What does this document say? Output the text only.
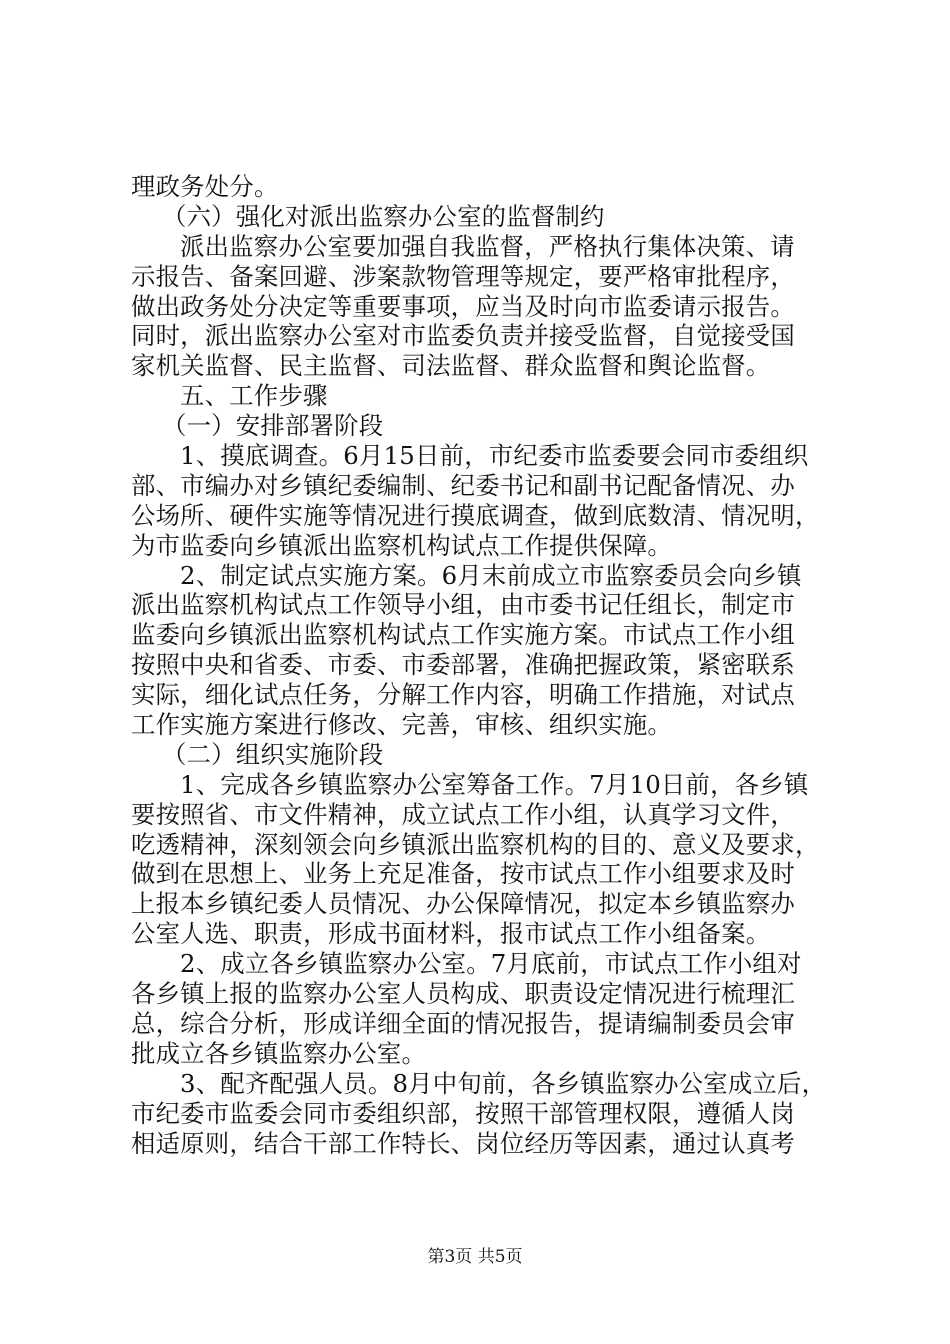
理政务处分。
（六）强化对派出监察办公室的监督制约
派出监察办公室要加强自我监督，严格执行集体决策、请
示报告、备案回避、涉案款物管理等规定，要严格审批程序，
做出政务处分决定等重要事项，应当及时向市监委请示报告。
同时，派出监察办公室对市监委负责并接受监督，自觉接受国
家机关监督、民主监督、司法监督、群众监督和舆论监督。
五、工作步骤
（一）安排部署阶段
1、摸底调查。6月15日前，市纪委市监委要会同市委组织
部、市编办对乡镇纪委编制、纪委书记和副书记配备情况、办
公场所、硬件实施等情况进行摸底调查，做到底数清、情况明，
为市监委向乡镇派出监察机构试点工作提供保障。
2、制定试点实施方案。6月末前成立市监察委员会向乡镇
派出监察机构试点工作领导小组，由市委书记任组长，制定市
监委向乡镇派出监察机构试点工作实施方案。市试点工作小组
按照中央和省委、市委、市委部署，准确把握政策，紧密联系
实际，细化试点任务，分解工作内容，明确工作措施，对试点
工作实施方案进行修改、完善，审核、组织实施。
（二）组织实施阶段
1、完成各乡镇监察办公室筹备工作。7月10日前，各乡镇
要按照省、市文件精神，成立试点工作小组，认真学习文件，
吃透精神，深刻领会向乡镇派出监察机构的目的、意义及要求，
做到在思想上、业务上充足准备，按市试点工作小组要求及时
上报本乡镇纪委人员情况、办公保障情况，拟定本乡镇监察办
公室人选、职责，形成书面材料，报市试点工作小组备案。
2、成立各乡镇监察办公室。7月底前，市试点工作小组对
各乡镇上报的监察办公室人员构成、职责设定情况进行梳理汇
总，综合分析，形成详细全面的情况报告，提请编制委员会审
批成立各乡镇监察办公室。
3、配齐配强人员。8月中旬前，各乡镇监察办公室成立后，
市纪委市监委会同市委组织部，按照干部管理权限，遵循人岗
相适原则，结合干部工作特长、岗位经历等因素，通过认真考
第3页 共5页
